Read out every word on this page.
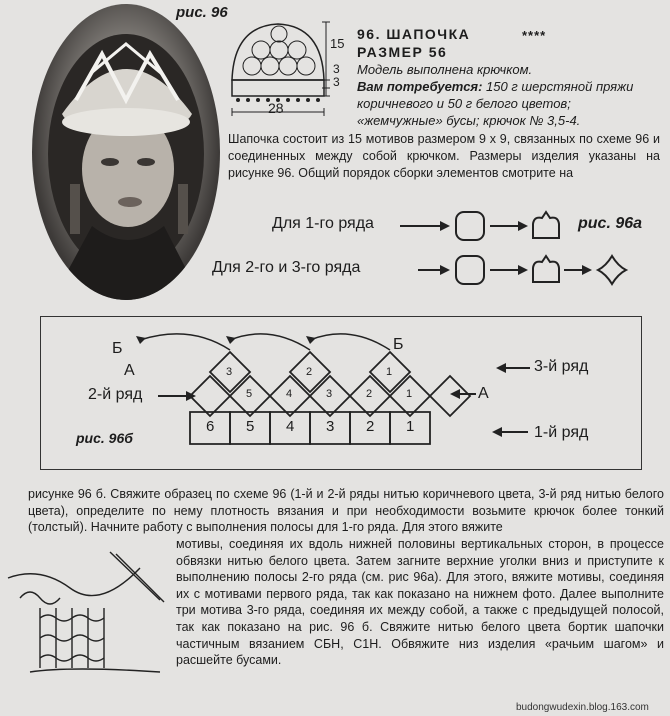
рис. 96
15
3
3
28
96. ШАПОЧКА	****
РАЗМЕР 56
Модель выполнена крючком.
Вам потребуется: 150 г шерстяной пряжи коричневого и 50 г белого цветов; «жемчужные» бусы; крючок № 3,5-4.
Шапочка состоит из 15 мотивов размером 9 х 9, связанных по схеме 96 и соединенных между собой крючком. Размеры изделия указаны на рисунке 96. Общий порядок сборки элементов смотрите на
Для 1-го ряда	рис. 96а
Для 2-го и 3-го ряда
рис. 96б
Б
А
Б
А
2-й ряд
3-й ряд
1-й ряд
6 5 4 3 2 1
5	4	3	2	1
3	2	1
рисунке 96 б. Свяжите образец по схеме 96 (1-й и 2-й ряды нитью коричневого цвета, 3-й ряд нитью белого цвета), определите по нему плотность вязания и при необходимости возьмите крючок более тонкий (толстый). Начните работу с выполнения полосы для 1-го ряда. Для этого вяжите
мотивы, соединяя их вдоль нижней половины вертикальных сторон, в процессе обвязки нитью белого цвета. Затем загните верхние уголки вниз и приступите к выполнению полосы 2-го ряда (см. рис 96а). Для этого, вяжите мотивы, соединяя их с мотивами первого ряда, так как показано на нижнем фото. Далее выполните три мотива 3-го ряда, соединяя их между собой, а также с предыдущей полосой, так как показано на рис. 96 б. Свяжите нитью белого цвета бортик шапочки частичным вязанием СБН, С1Н. Обвяжите низ изделия «рачьим шагом» и расшейте бусами.
budongwudexin.blog.163.com
